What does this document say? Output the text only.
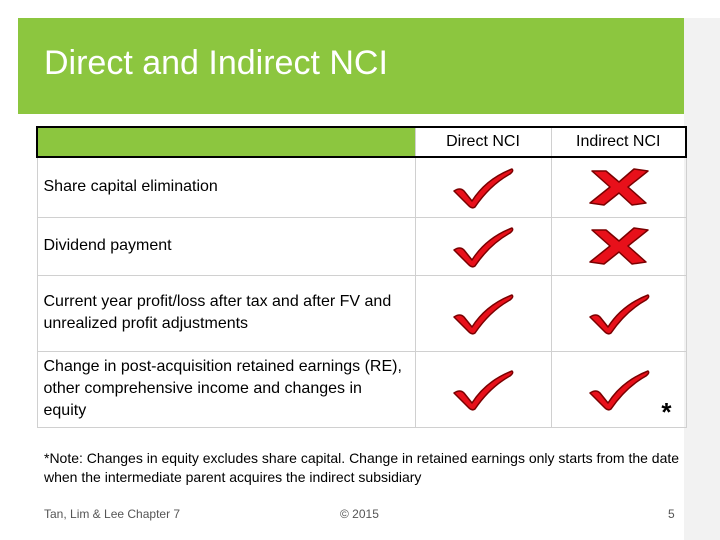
Direct and Indirect NCI
	Direct NCI	Indirect NCI
Share capital elimination		
Dividend payment		
Current year profit/loss after tax and after FV and unrealized profit adjustments		
Change in post-acquisition retained earnings (RE), other comprehensive income and changes in equity		*
*Note: Changes in equity excludes share capital. Change in retained earnings only starts from the date when the intermediate parent acquires the indirect subsidiary
Tan, Lim & Lee Chapter 7	© 2015	5
